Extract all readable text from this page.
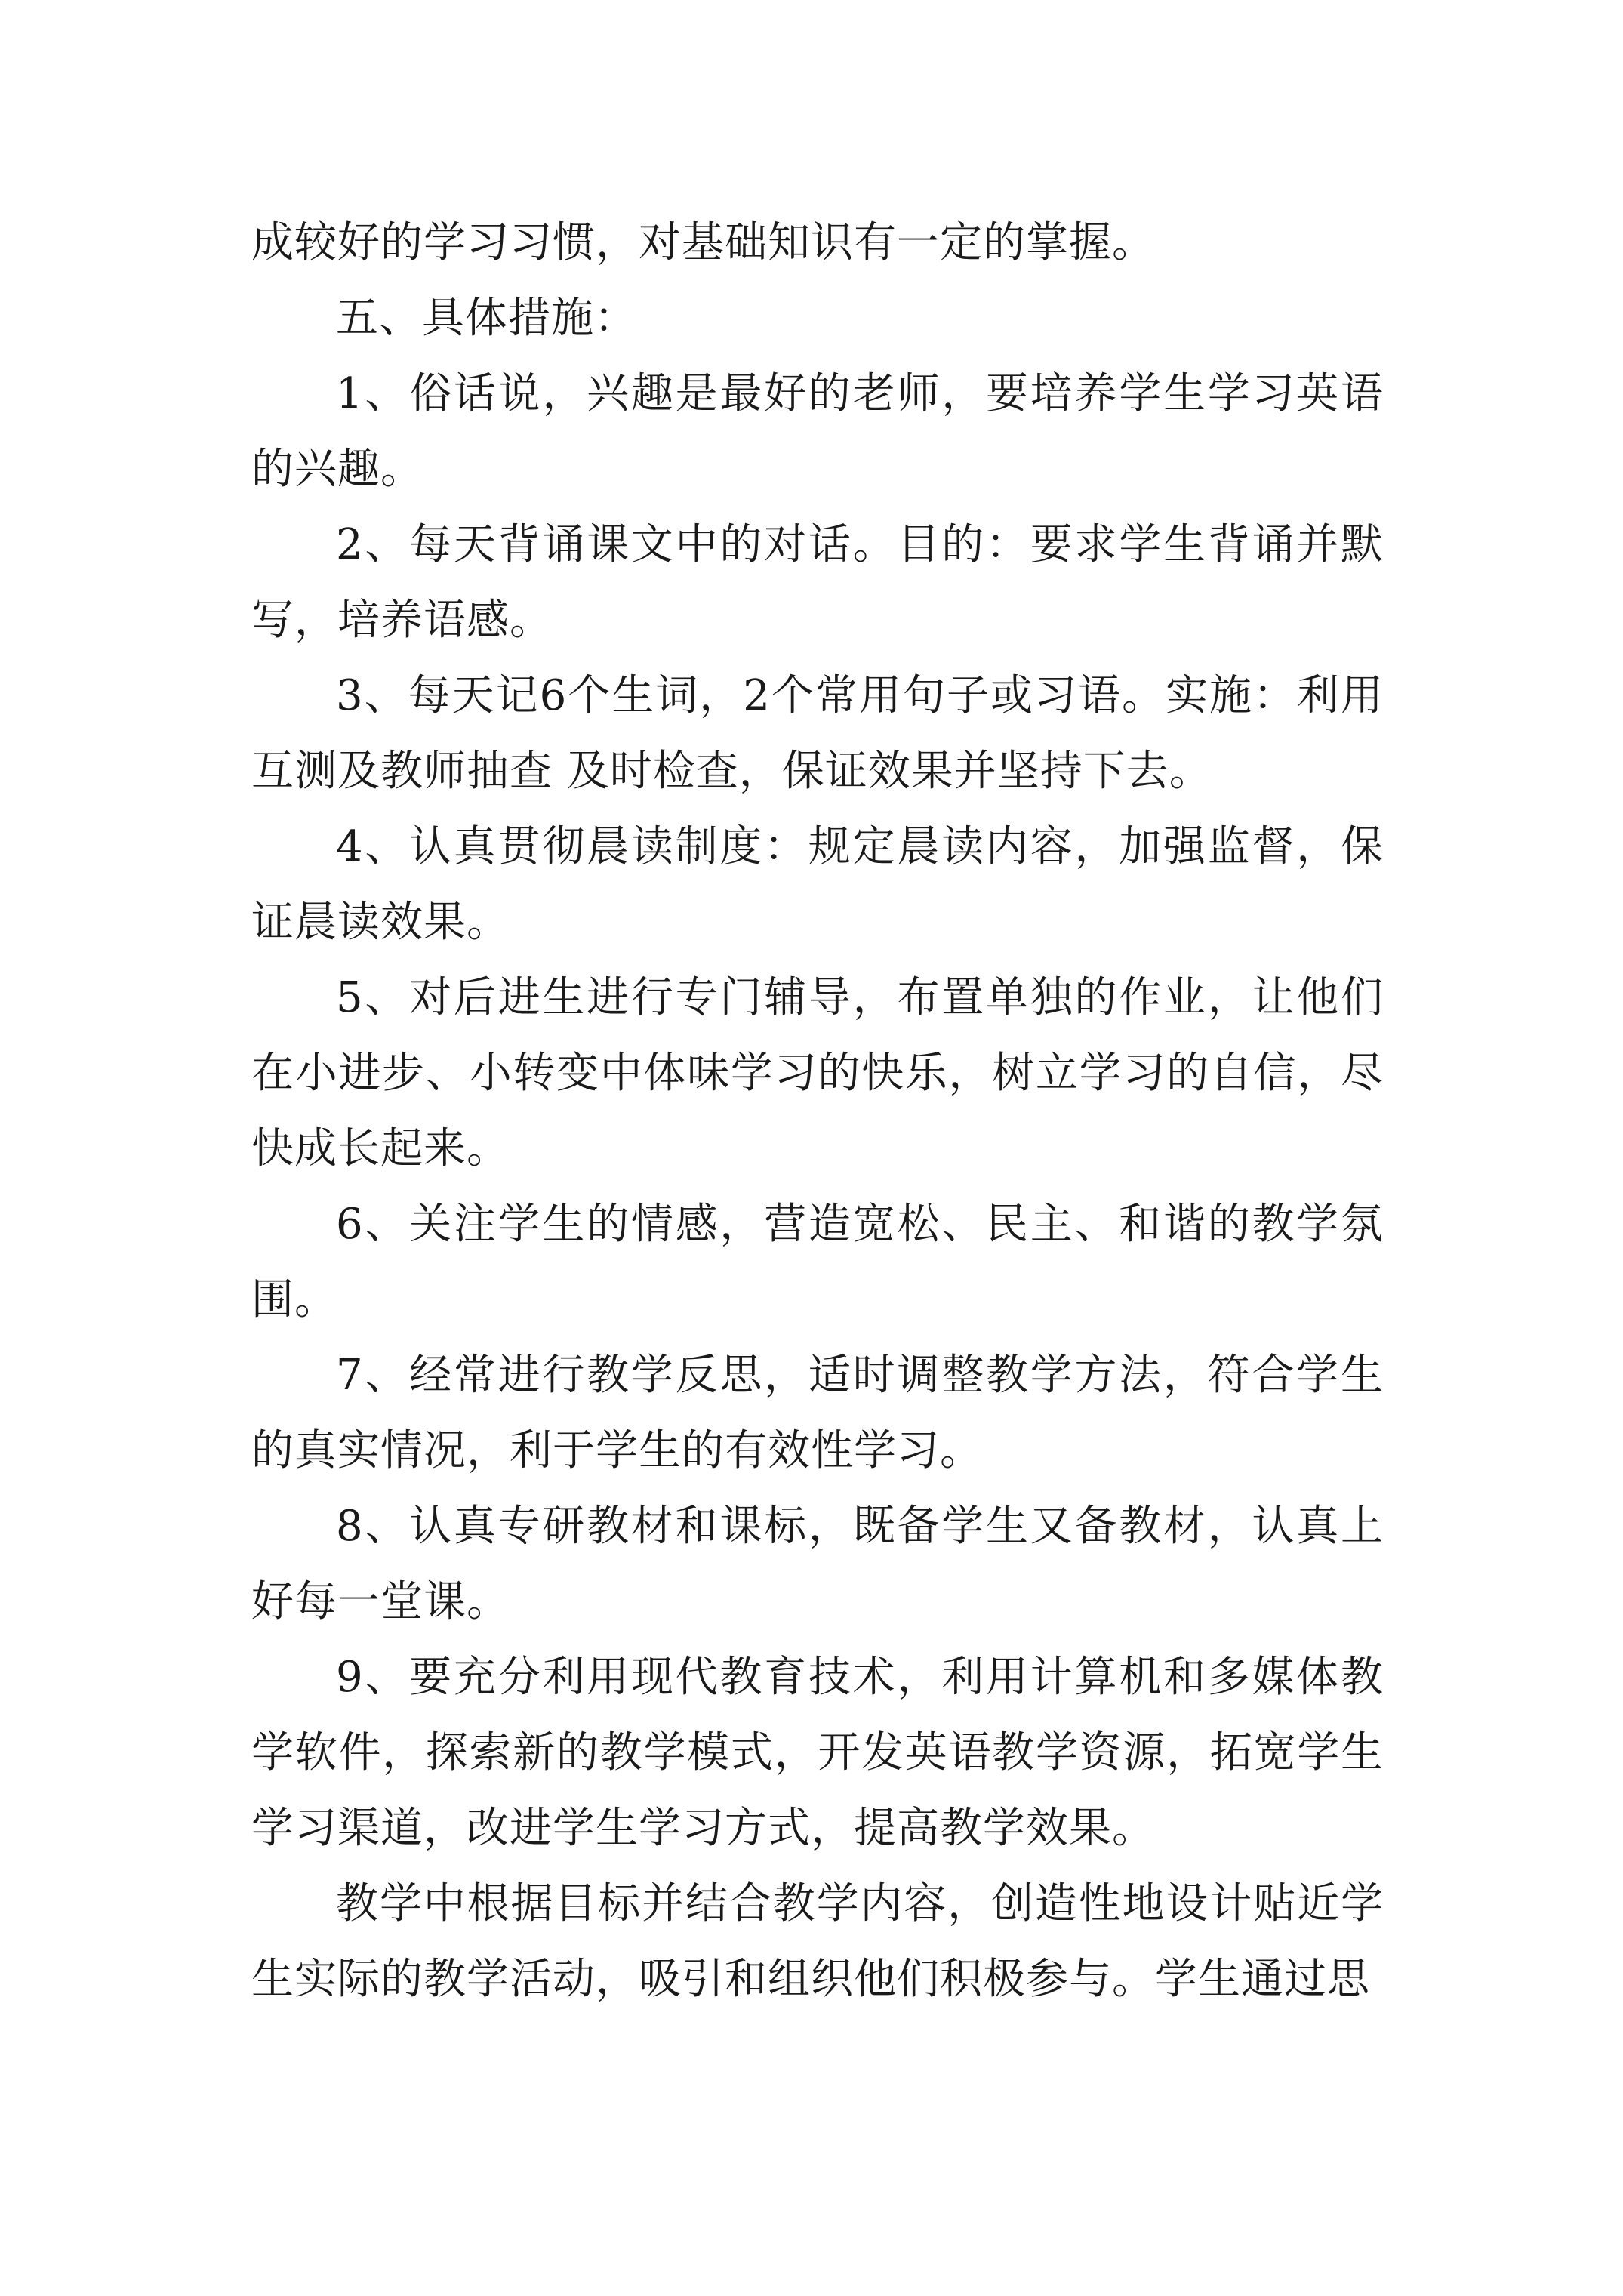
成较好的学习习惯，对基础知识有一定的掌握。

五、具体措施：

1、俗话说，兴趣是最好的老师，要培养学生学习英语的兴趣。

2、每天背诵课文中的对话。目的：要求学生背诵并默写，培养语感。

3、每天记6个生词，2个常用句子或习语。实施：利用互测及教师抽查 及时检查，保证效果并坚持下去。

4、认真贯彻晨读制度：规定晨读内容，加强监督，保证晨读效果。

5、对后进生进行专门辅导，布置单独的作业，让他们在小进步、小转变中体味学习的快乐，树立学习的自信，尽快成长起来。

6、关注学生的情感，营造宽松、民主、和谐的教学氛围。

7、经常进行教学反思，适时调整教学方法，符合学生的真实情况，利于学生的有效性学习。

8、认真专研教材和课标，既备学生又备教材，认真上好每一堂课。

9、要充分利用现代教育技术，利用计算机和多媒体教学软件，探索新的教学模式，开发英语教学资源，拓宽学生学习渠道，改进学生学习方式，提高教学效果。

教学中根据目标并结合教学内容，创造性地设计贴近学生实际的教学活动，吸引和组织他们积极参与。学生通过思
